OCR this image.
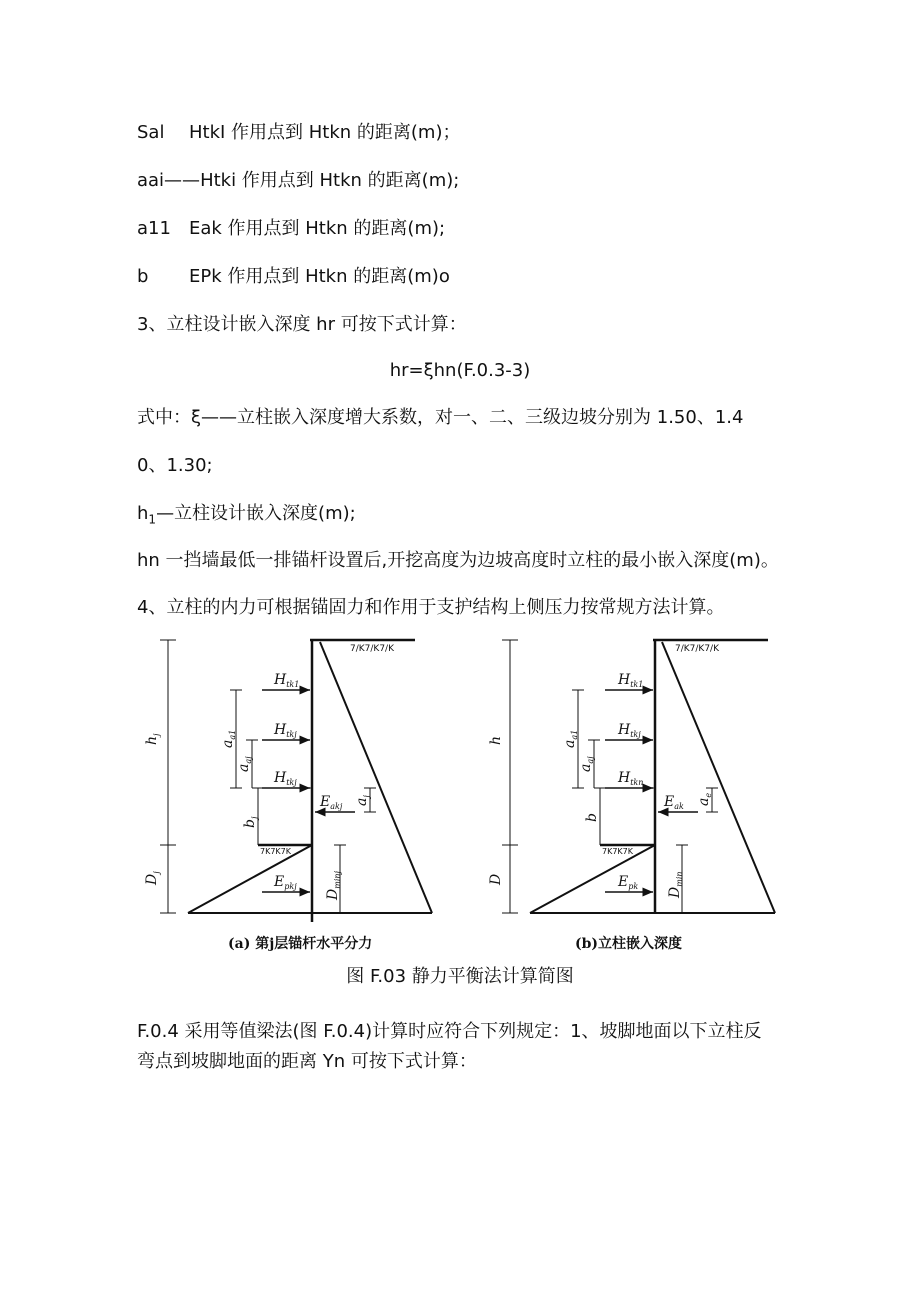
Sal HtkI 作用点到 Htkn 的距离(m)；
aai——Htki 作用点到 Htkn 的距离(m);
a11 Eak 作用点到 Htkn 的距离(m);
b EPk 作用点到 Htkn 的距离(m)o
3、立柱设计嵌入深度 hr 可按下式计算：
hr=ξhn(F.0.3-3)
式中：ξ——立柱嵌入深度增大系数，对一、二、三级边坡分别为 1.50、1.4
0、1.30;
$h_1—$立柱设计嵌入深度(m);
hn 一挡墙最低一排锚杆设置后,开挖高度为边坡高度时立柱的最小嵌入深度(m)。
4、立柱的内力可根据锚固力和作用于支护结构上侧压力按常规方法计算。
7/K7/K7/K
7K7K7K
$h_j$
$D_j$
$a_{a1}$
$a_{aj}$
$b_j$
$a_j$
$H_{tk1}$
$H_{tkj}$
$H_{tkj}$
$E_{akj}$
$E_{pkj}$
$D_{minj}$
(a) 第j层锚杆水平分力
7/K7/K7/K
7K7K7K
h
D
$a_{a1}$
$a_{aj}$
b
$a_e$
$H_{tk1}$
$H_{tkj}$
$H_{tkn}$
$E_{ak}$
$E_{pk}$
$D_{min}$
(b)立柱嵌入深度
图 F.03 静力平衡法计算简图
F.0.4 采用等值梁法(图 F.0.4)计算时应符合下列规定：1、坡脚地面以下立柱反
弯点到坡脚地面的距离 Yn 可按下式计算：
